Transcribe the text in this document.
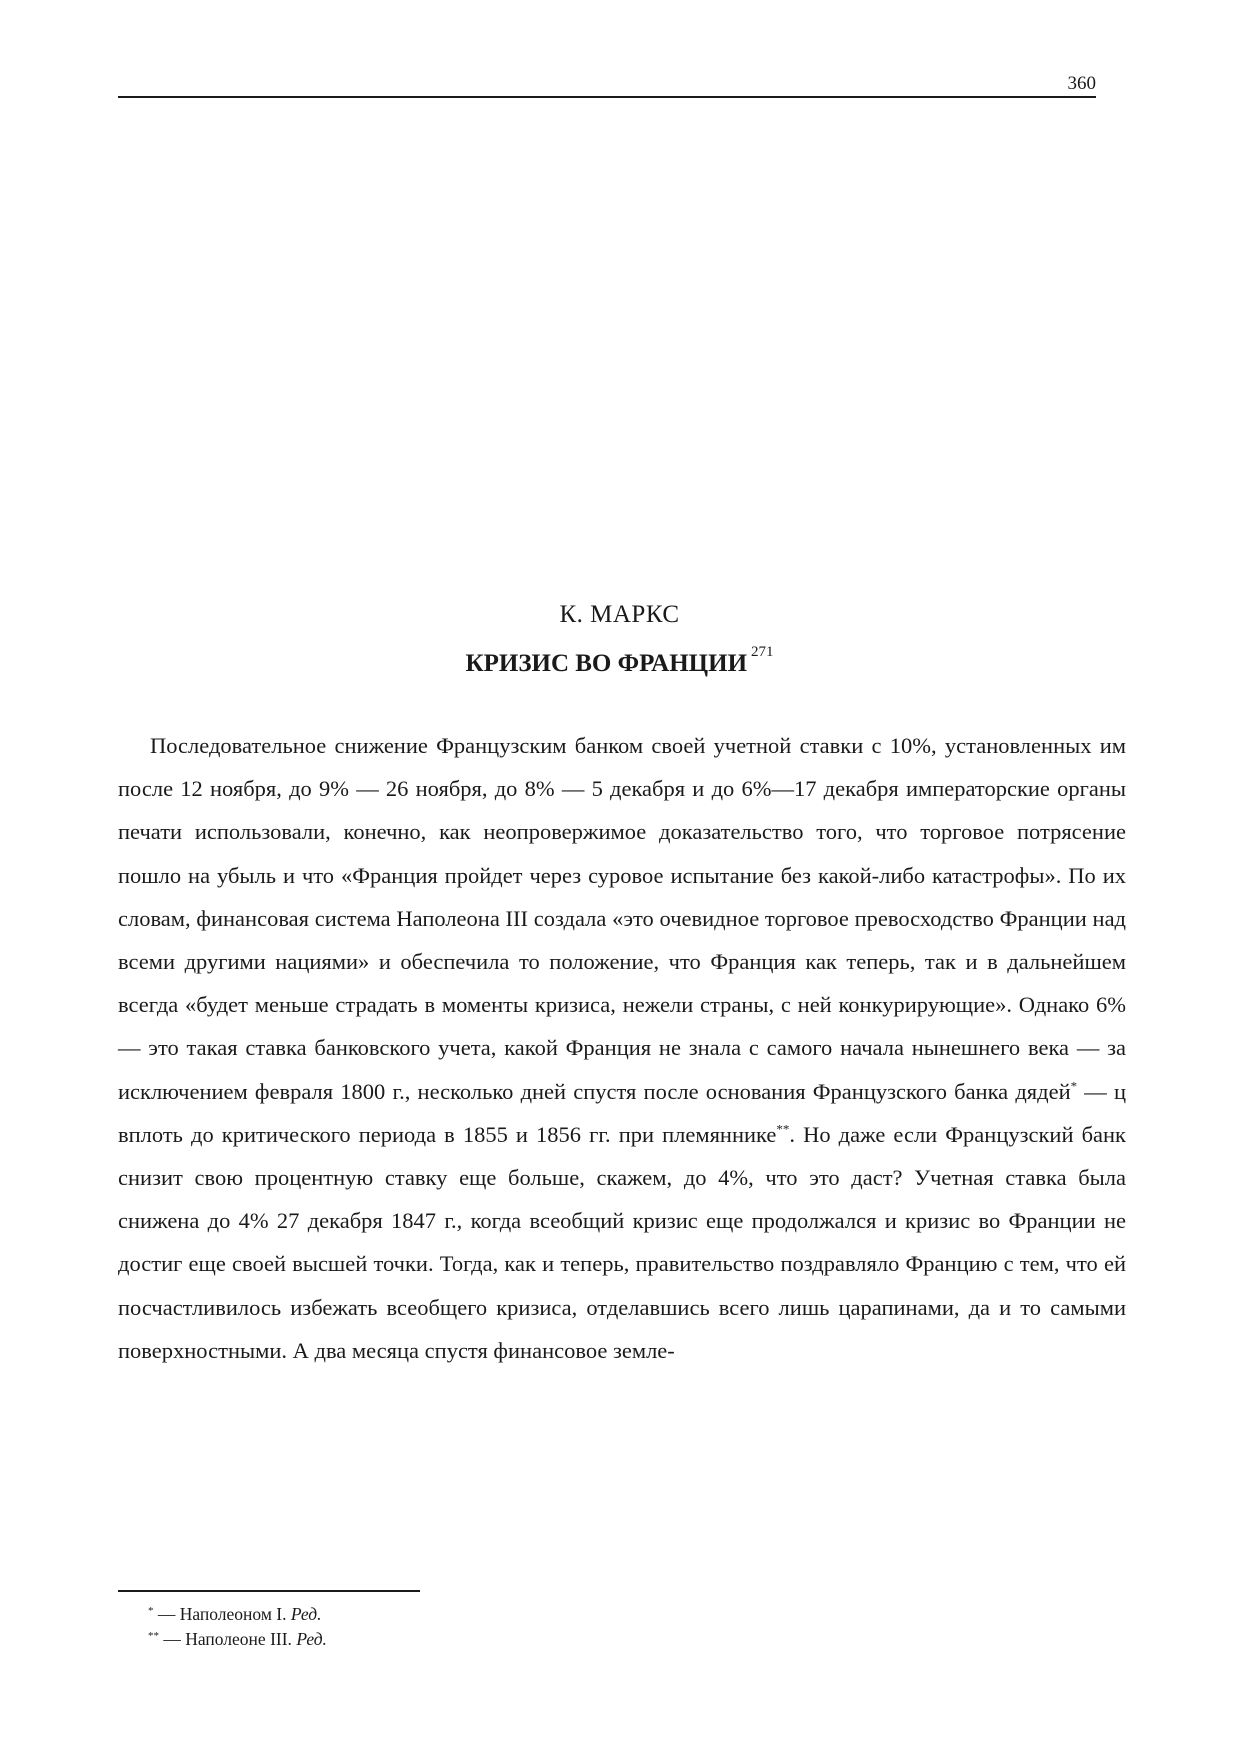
360
К. МАРКС
КРИЗИС ВО ФРАНЦИИ $^{271}$

Последовательное снижение Французским банком своей учетной ставки с 10%, установленных им после 12 ноября, до 9% — 26 ноября, до 8% — 5 декабря и до 6%—17 декабря императорские органы печати использовали, конечно, как неопровержимое доказательство того, что торговое потрясение пошло на убыль и что «Франция пройдет через суровое испытание без какой-либо катастрофы». По их словам, финансовая система Наполеона III создала «это очевидное торговое превосходство Франции над всеми другими нациями» и обеспечила то положение, что Франция как теперь, так и в дальнейшем всегда «будет меньше страдать в моменты кризиса, нежели страны, с ней конкурирующие». Однако 6% — это такая ставка банковского учета, какой Франция не знала с самого начала нынешнего века — за исключением февраля 1800 г., несколько дней спустя после основания Французского банка дядей* — ц вплоть до критического периода в 1855 и 1856 гг. при племяннике**. Но даже если Французский банк снизит свою процентную ставку еще больше, скажем, до 4%, что это даст? Учетная ставка была снижена до 4% 27 декабря 1847 г., когда всеобщий кризис еще продолжался и кризис во Франции не достиг еще своей высшей точки. Тогда, как и теперь, правительство поздравляло Францию с тем, что ей посчастливилось избежать всеобщего кризиса, отделавшись всего лишь царапинами, да и то самыми поверхностными. А два месяца спустя финансовое земле-

* — Наполеоном I. Ред.
** — Наполеоне III. Ред.
